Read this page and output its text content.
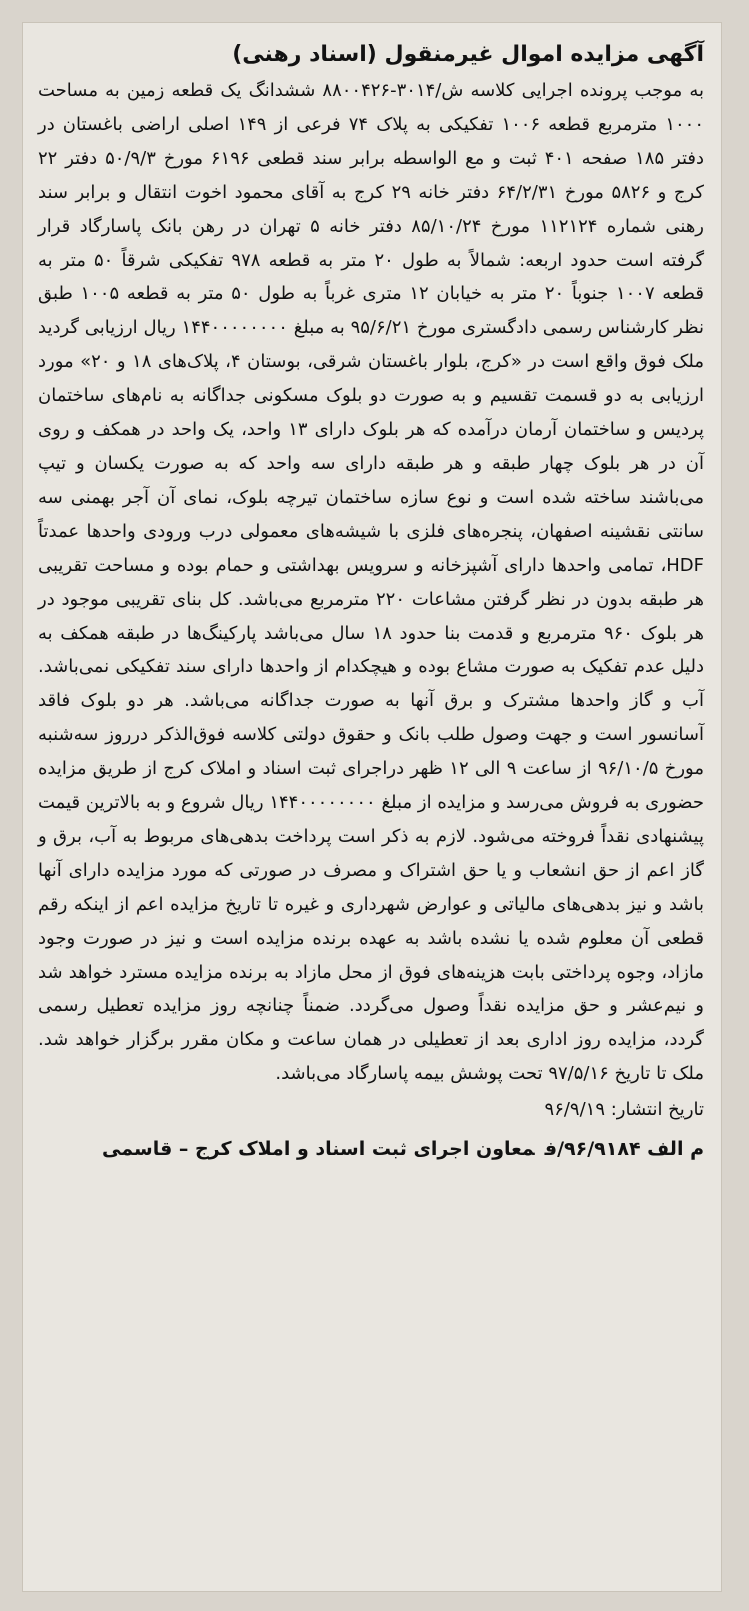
آگهی مزایده اموال غیرمنقول (اسناد رهنی)

به موجب پرونده اجرایی کلاسه ش/۳۰۱۴-۸۸۰۰۴۲۶ ششدانگ یک قطعه زمین به مساحت ۱۰۰۰ مترمربع قطعه ۱۰۰۶ تفکیکی به پلاک ۷۴ فرعی از ۱۴۹ اصلی اراضی باغستان در دفتر ۱۸۵ صفحه ۴۰۱ ثبت و مع الواسطه برابر سند قطعی ۶۱۹۶ مورخ ۵۰/۹/۳ دفتر ۲۲ کرج و ۵۸۲۶ مورخ ۶۴/۲/۳۱ دفتر خانه ۲۹ کرج به آقای محمود اخوت انتقال و برابر سند رهنی شماره ۱۱۲۱۲۴ مورخ ۸۵/۱۰/۲۴ دفتر خانه ۵ تهران در رهن بانک پاسارگاد قرار گرفته است حدود اربعه: شمالاً به طول ۲۰ متر به قطعه ۹۷۸ تفکیکی شرقاً ۵۰ متر به قطعه ۱۰۰۷ جنوباً ۲۰ متر به خیابان ۱۲ متری غرباً به طول ۵۰ متر به قطعه ۱۰۰۵ طبق نظر کارشناس رسمی دادگستری مورخ ۹۵/۶/۲۱ به مبلغ ۱۴۴۰۰۰۰۰۰۰۰ ریال ارزیابی گردید ملک فوق واقع است در «کرج، بلوار باغستان شرقی، بوستان ۴، پلاک‌های ۱۸ و ۲۰» مورد ارزیابی به دو قسمت تقسیم و به صورت دو بلوک مسکونی جداگانه به نام‌های ساختمان پردیس و ساختمان آرمان درآمده که هر بلوک دارای ۱۳ واحد، یک واحد در همکف و روی آن در هر بلوک چهار طبقه و هر طبقه دارای سه واحد که به صورت یکسان و تیپ می‌باشند ساخته شده است و نوع سازه ساختمان تیرچه بلوک، نمای آن آجر بهمنی سه سانتی نقشینه اصفهان، پنجره‌های فلزی با شیشه‌های معمولی درب ورودی واحدها عمدتاً HDF، تمامی واحدها دارای آشپزخانه و سرویس بهداشتی و حمام بوده و مساحت تقریبی هر طبقه بدون در نظر گرفتن مشاعات ۲۲۰ مترمربع می‌باشد. کل بنای تقریبی موجود در هر بلوک ۹۶۰ مترمربع و قدمت بنا حدود ۱۸ سال می‌باشد پارکینگ‌ها در طبقه همکف به دلیل عدم تفکیک به صورت مشاع بوده و هیچکدام از واحدها دارای سند تفکیکی نمی‌باشد. آب و گاز واحدها مشترک و برق آنها به صورت جداگانه می‌باشد. هر دو بلوک فاقد آسانسور است و جهت وصول طلب بانک و حقوق دولتی کلاسه فوق‌الذکر درروز سه‌شنبه مورخ ۹۶/۱۰/۵ از ساعت ۹ الی ۱۲ ظهر دراجرای ثبت اسناد و املاک کرج از طریق مزایده حضوری به فروش می‌رسد و مزایده از مبلغ ۱۴۴۰۰۰۰۰۰۰۰ ریال شروع و به بالاترین قیمت پیشنهادی نقداً فروخته می‌شود. لازم به ذکر است پرداخت بدهی‌های مربوط به آب، برق و گاز اعم از حق انشعاب و یا حق اشتراک و مصرف در صورتی که مورد مزایده دارای آنها باشد و نیز بدهی‌های مالیاتی و عوارض شهرداری و غیره تا تاریخ مزایده اعم از اینکه رقم قطعی آن معلوم شده یا نشده باشد به عهده برنده مزایده است و نیز در صورت وجود مازاد، وجوه پرداختی بابت هزینه‌های فوق از محل مازاد به برنده مزایده مسترد خواهد شد و نیم‌عشر و حق مزایده نقداً وصول می‌گردد. ضمناً چنانچه روز مزایده تعطیل رسمی گردد، مزایده روز اداری بعد از تعطیلی در همان ساعت و مکان مقرر برگزار خواهد شد. ملک تا تاریخ ۹۷/۵/۱۶ تحت پوشش بیمه پاسارگاد می‌باشد.

تاریخ انتشار: ۹۶/۹/۱۹

م الف ۹۶/۹۱۸۴/فمعاون اجرای ثبت اسناد و املاک کرج – قاسمی
